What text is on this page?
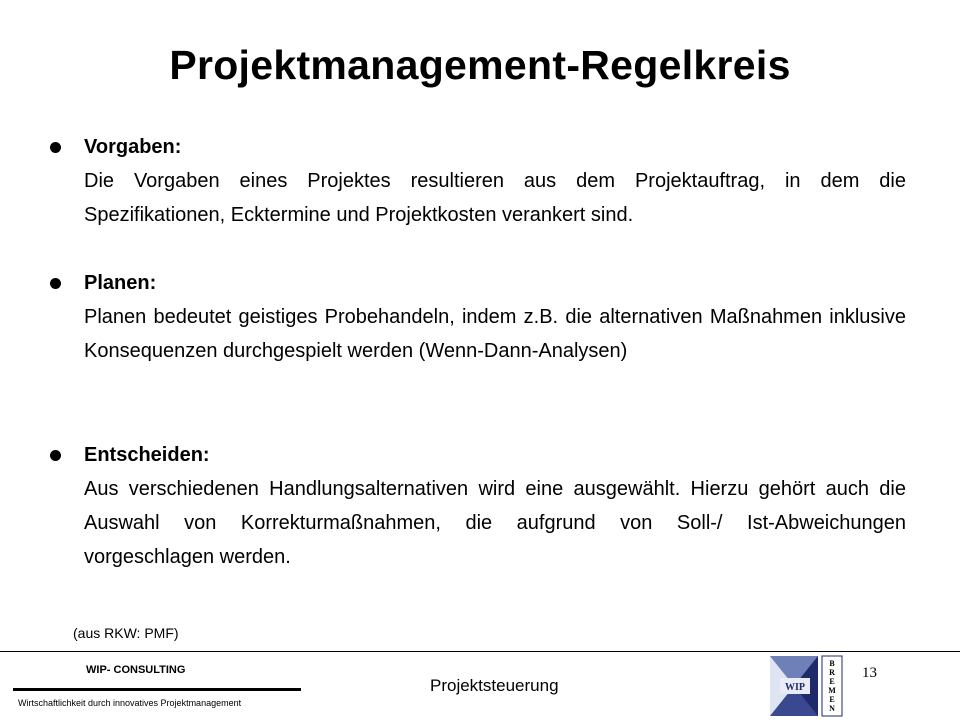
Projektmanagement-Regelkreis
Vorgaben:
Die Vorgaben eines Projektes resultieren aus dem Projektauftrag, in dem die Spezifikationen, Ecktermine und Projektkosten verankert sind.
Planen:
Planen bedeutet geistiges Probehandeln, indem z.B. die alternativen Maßnahmen inklusive Konsequenzen durchgespielt werden (Wenn-Dann-Analysen)
Entscheiden:
Aus verschiedenen Handlungsalternativen wird eine ausgewählt. Hierzu gehört auch die Auswahl von Korrekturmaßnahmen, die aufgrund von Soll-/ Ist-Abweichungen vorgeschlagen werden.
(aus RKW: PMF)
WIP- CONSULTING
Wirtschaftlichkeit durch innovatives Projektmanagement
Projektsteuerung
13
WIP
B
R
E
M
E
N
